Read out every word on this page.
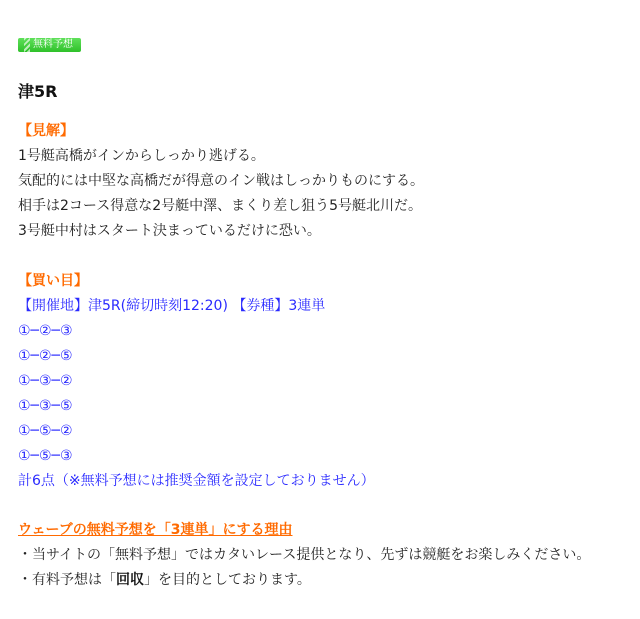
無料予想
津5R
【見解】
1号艇高橋がインからしっかり逃げる。
気配的には中堅な高橋だが得意のイン戦はしっかりものにする。
相手は2コース得意な2号艇中澤、まくり差し狙う5号艇北川だ。
3号艇中村はスタート決まっているだけに恐い。
【買い目】
【開催地】津5R(締切時刻12:20) 【券種】3連単
①─②─③
①─②─⑤
①─③─②
①─③─⑤
①─⑤─②
①─⑤─③
計6点（※無料予想には推奨金額を設定しておりません）
ウェーブの無料予想を「3連単」にする理由
・当サイトの「無料予想」ではカタいレース提供となり、先ずは競艇をお楽しみください。
・有料予想は「回収」を目的としております。
